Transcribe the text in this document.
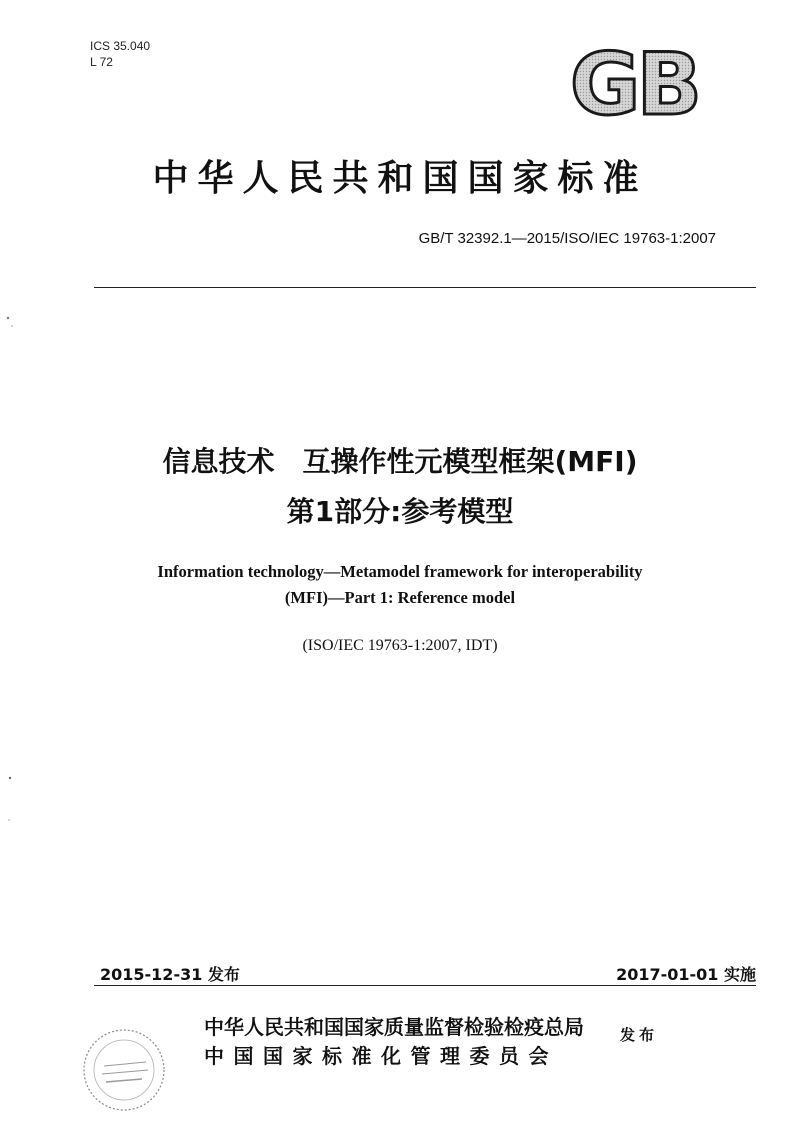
ICS 35.040
L 72	GB
中华人民共和国国家标准
GB/T 32392.1—2015/ISO/IEC 19763-1:2007
信息技术　互操作性元模型框架(MFI)
第1部分:参考模型
Information technology—Metamodel framework for interoperability
(MFI)—Part 1: Reference model
(ISO/IEC 19763-1:2007, IDT)
2015-12-31 发布	2017-01-01 实施
中华人民共和国国家质量监督检验检疫总局
中国国家标准化管理委员会
发布
